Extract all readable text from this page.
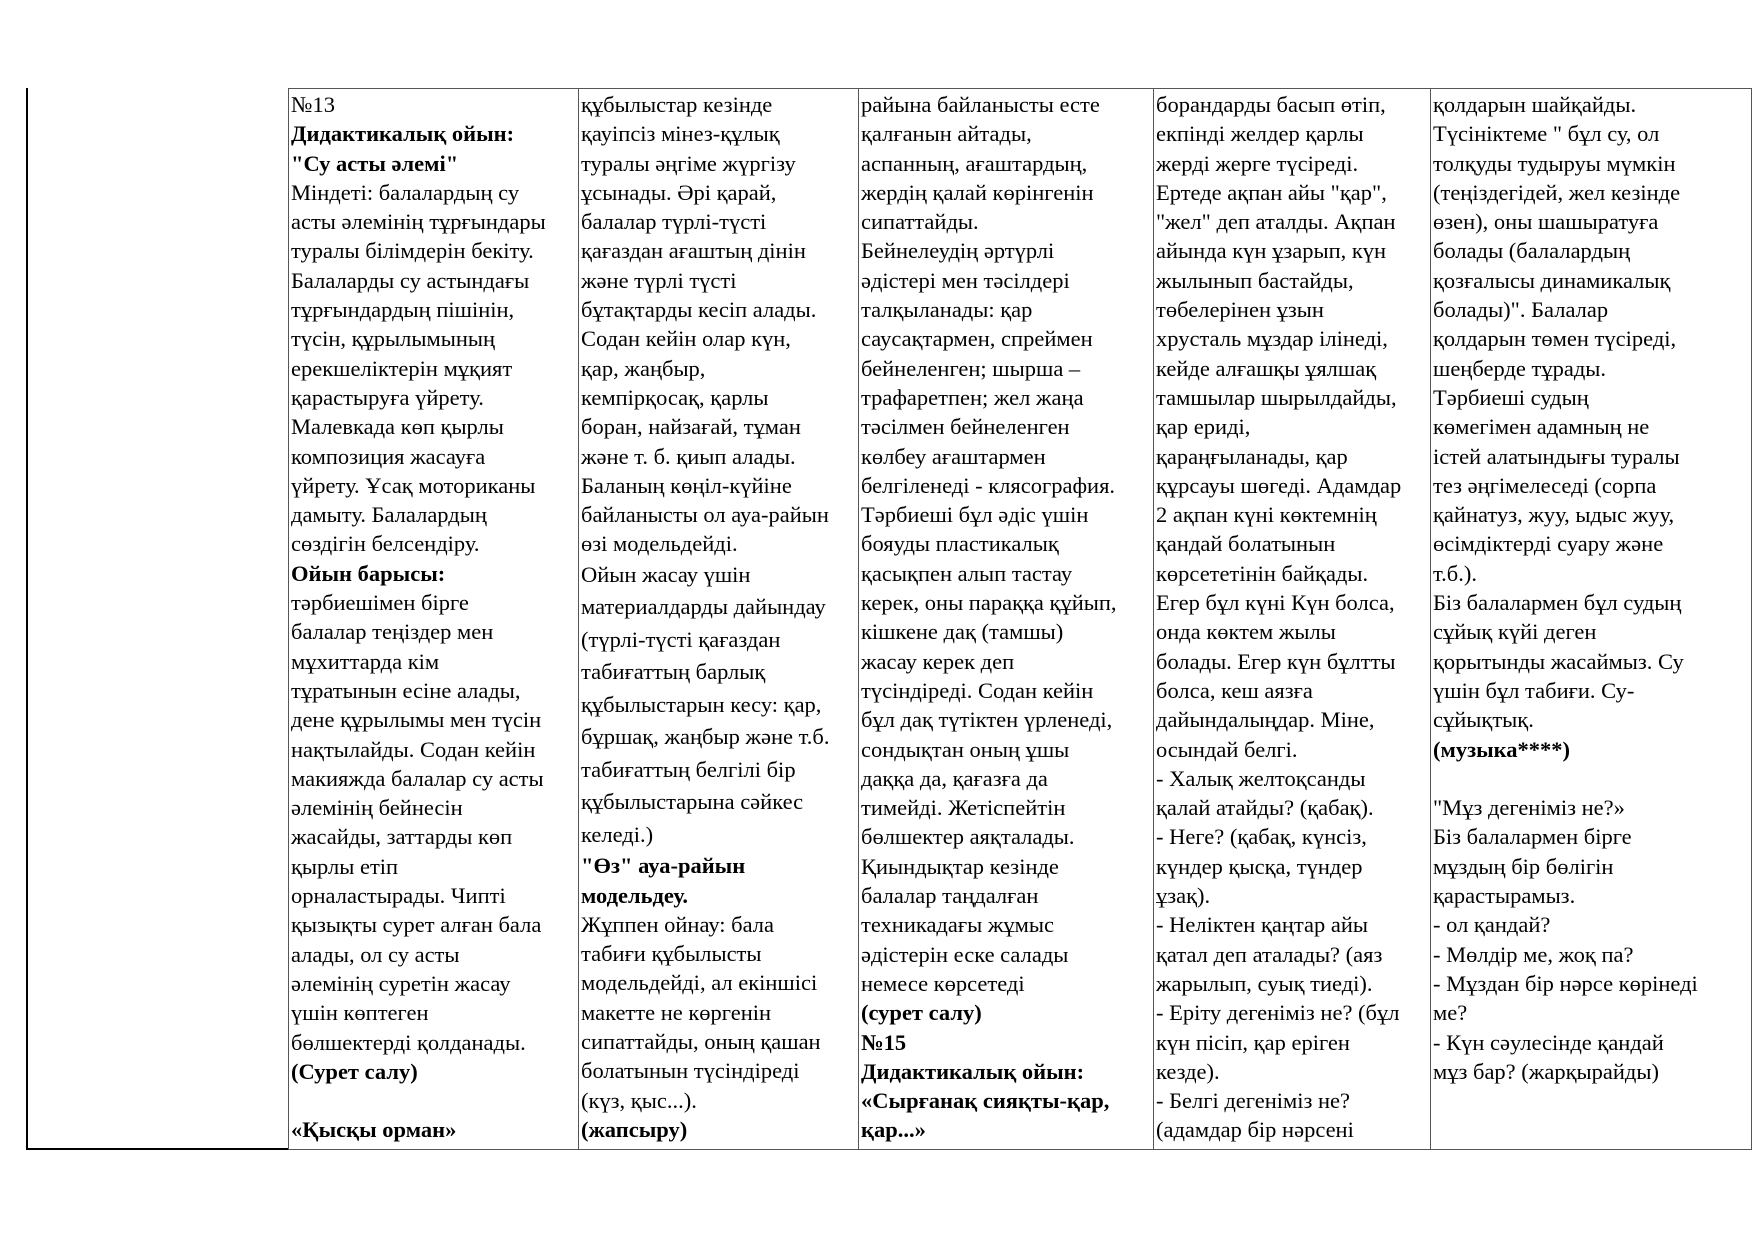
№13

Дидактикалық ойын:

"Су асты әлемі"

Міндеті: балалардың су

асты әлемінің тұрғындары

туралы білімдерін бекіту.

Балаларды су астындағы

тұрғындардың пішінін,

түсін, құрылымының

ерекшеліктерін мұқият

қарастыруға үйрету.

Малевкада көп қырлы

композиция жасауға

үйрету. Ұсақ моториканы

дамыту. Балалардың

сөздігін белсендіру.

Ойын барысы:

тәрбиешімен бірге

балалар теңіздер мен

мұхиттарда кім

тұратынын есіне алады,

дене құрылымы мен түсін

нақтылайды. Содан кейін

макияжда балалар су асты

әлемінің бейнесін

жасайды, заттарды көп

қырлы етіп

орналастырады. Чипті

қызықты сурет алған бала

алады, ол су асты

әлемінің суретін жасау

үшін көптеген

бөлшектерді қолданады.

(Сурет салу)

«Қысқы орман»

құбылыстар кезінде

қауіпсіз мінез-құлық

туралы әңгіме жүргізу

ұсынады. Әрі қарай,

балалар түрлі-түсті

қағаздан ағаштың дінін

және түрлі түсті

бұтақтарды кесіп алады.

Содан кейін олар күн,

қар, жаңбыр,

кемпірқосақ, қарлы

боран, найзағай, тұман

және т. б. қиып алады.

Баланың көңіл-күйіне

байланысты ол ауа-райын

өзі модельдейді.

Ойын жасау үшін

материалдарды дайындау

(түрлі-түсті қағаздан

табиғаттың барлық

құбылыстарын кесу: қар,

бұршақ, жаңбыр және т.б.

табиғаттың белгілі бір

құбылыстарына сәйкес

келеді.)

"Өз" ауа-райын

модельдеу.

Жұппен ойнау: бала

табиғи құбылысты

модельдейді, ал екіншісі

макетте не көргенін

сипаттайды, оның қашан

болатынын түсіндіреді

(күз, қыс...).

(жапсыру)

райына байланысты есте

қалғанын айтады,

аспанның, ағаштардың,

жердің қалай көрінгенін

сипаттайды.

Бейнелеудің әртүрлі

әдістері мен тәсілдері

талқыланады: қар

саусақтармен, спреймен

бейнеленген; шырша –

трафаретпен; жел жаңа

тәсілмен бейнеленген

көлбеу ағаштармен

белгіленеді - клясография.

Тәрбиеші бұл әдіс үшін

бояуды пластикалық

қасықпен алып тастау

керек, оны параққа құйып,

кішкене дақ (тамшы)

жасау керек деп

түсіндіреді. Содан кейін

бұл дақ түтіктен үрленеді,

сондықтан оның ұшы

даққа да, қағазға да

тимейді. Жетіспейтін

бөлшектер аяқталады.

Қиындықтар кезінде

балалар таңдалған

техникадағы жұмыс

әдістерін еске салады

немесе көрсетеді

(сурет салу)

№15

Дидактикалық ойын:

«Сырғанақ сияқты-қар,

қар...»

борандарды басып өтіп,

екпінді желдер қарлы

жерді жерге түсіреді.

Ертеде ақпан айы "қар",

"жел" деп аталды. Ақпан

айында күн ұзарып, күн

жылынып бастайды,

төбелерінен ұзын

хрусталь мұздар ілінеді,

кейде алғашқы ұялшақ

тамшылар шырылдайды,

қар ериді,

қараңғыланады, қар

құрсауы шөгеді. Адамдар

2 ақпан күні көктемнің

қандай болатынын

көрсететінін байқады.

Егер бұл күні Күн болса,

онда көктем жылы

болады. Егер күн бұлтты

болса, кеш аязға

дайындалыңдар. Міне,

осындай белгі.

- Халық желтоқсанды

қалай атайды? (қабақ).

- Неге? (қабақ, күнсіз,

күндер қысқа, түндер

ұзақ).

- Неліктен қаңтар айы

қатал деп аталады? (аяз

жарылып, суық тиеді).

- Еріту дегеніміз не? (бұл

күн пісіп, қар еріген

кезде).

- Белгі дегеніміз не?

(адамдар бір нәрсені

қолдарын шайқайды.

Түсініктеме " бұл су, ол

толқуды тудыруы мүмкін

(теңіздегідей, жел кезінде

өзен), оны шашыратуға

болады (балалардың

қозғалысы динамикалық

болады)". Балалар

қолдарын төмен түсіреді,

шеңберде тұрады.

Тәрбиеші судың

көмегімен адамның не

істей алатындығы туралы

тез әңгімелеседі (сорпа

қайнатуз, жуу, ыдыс жуу,

өсімдіктерді суару және

т.б.).

Біз балалармен бұл судың

сұйық күйі деген

қорытынды жасаймыз. Су

үшін бұл табиғи. Су-

сұйықтық.

(музыка****)

"Мұз дегеніміз не?»

Біз балалармен бірге

мұздың бір бөлігін

қарастырамыз.

- ол қандай?

- Мөлдір ме, жоқ па?

- Мұздан бір нәрсе көрінеді

ме?

- Күн сәулесінде қандай

мұз бар? (жарқырайды)
